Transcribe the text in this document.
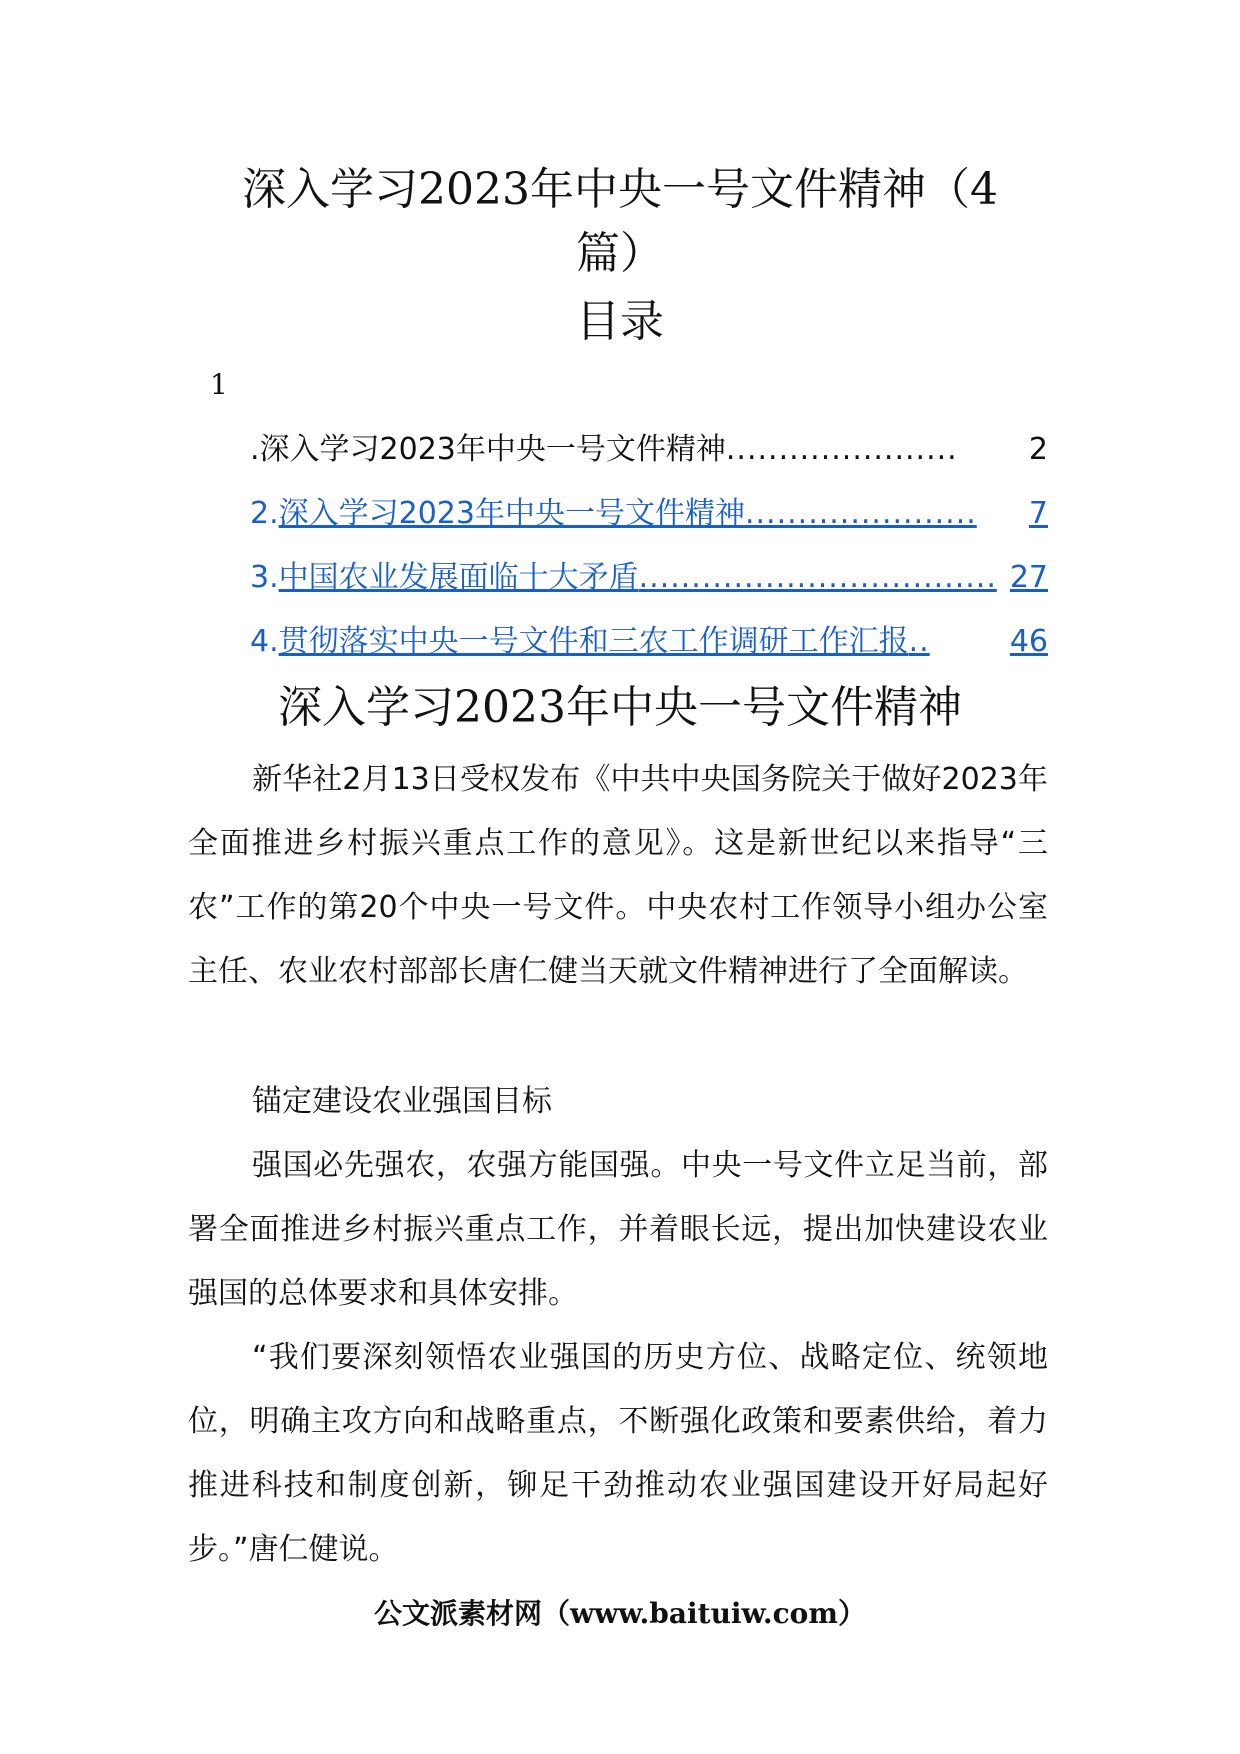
深入学习2023年中央一号文件精神（4
篇）
目录
1
.深入学习2023年中央一号文件精神 ......................	2
2. 深入学习2023年中央一号文件精神 ......................	7
3. 中国农业发展面临十大矛盾 .................................. 27
4. 贯彻落实中央一号文件和三农工作调研工作汇报 ..	46
深入学习2023年中央一号文件精神

新华社2月13日受权发布《中共中央国务院关于做好2023年全面推进乡村振兴重点工作的意见》。这是新世纪以来指导“三农”工作的第20个中央一号文件。中央农村工作领导小组办公室主任、农业农村部部长唐仁健当天就文件精神进行了全面解读。

锚定建设农业强国目标

强国必先强农，农强方能国强。中央一号文件立足当前，部署全面推进乡村振兴重点工作，并着眼长远，提出加快建设农业强国的总体要求和具体安排。

“我们要深刻领悟农业强国的历史方位、战略定位、统领地位，明确主攻方向和战略重点，不断强化政策和要素供给，着力推进科技和制度创新，铆足干劲推动农业强国建设开好局起好步。”唐仁健说。

公文派素材网（www.baituiw.com）
